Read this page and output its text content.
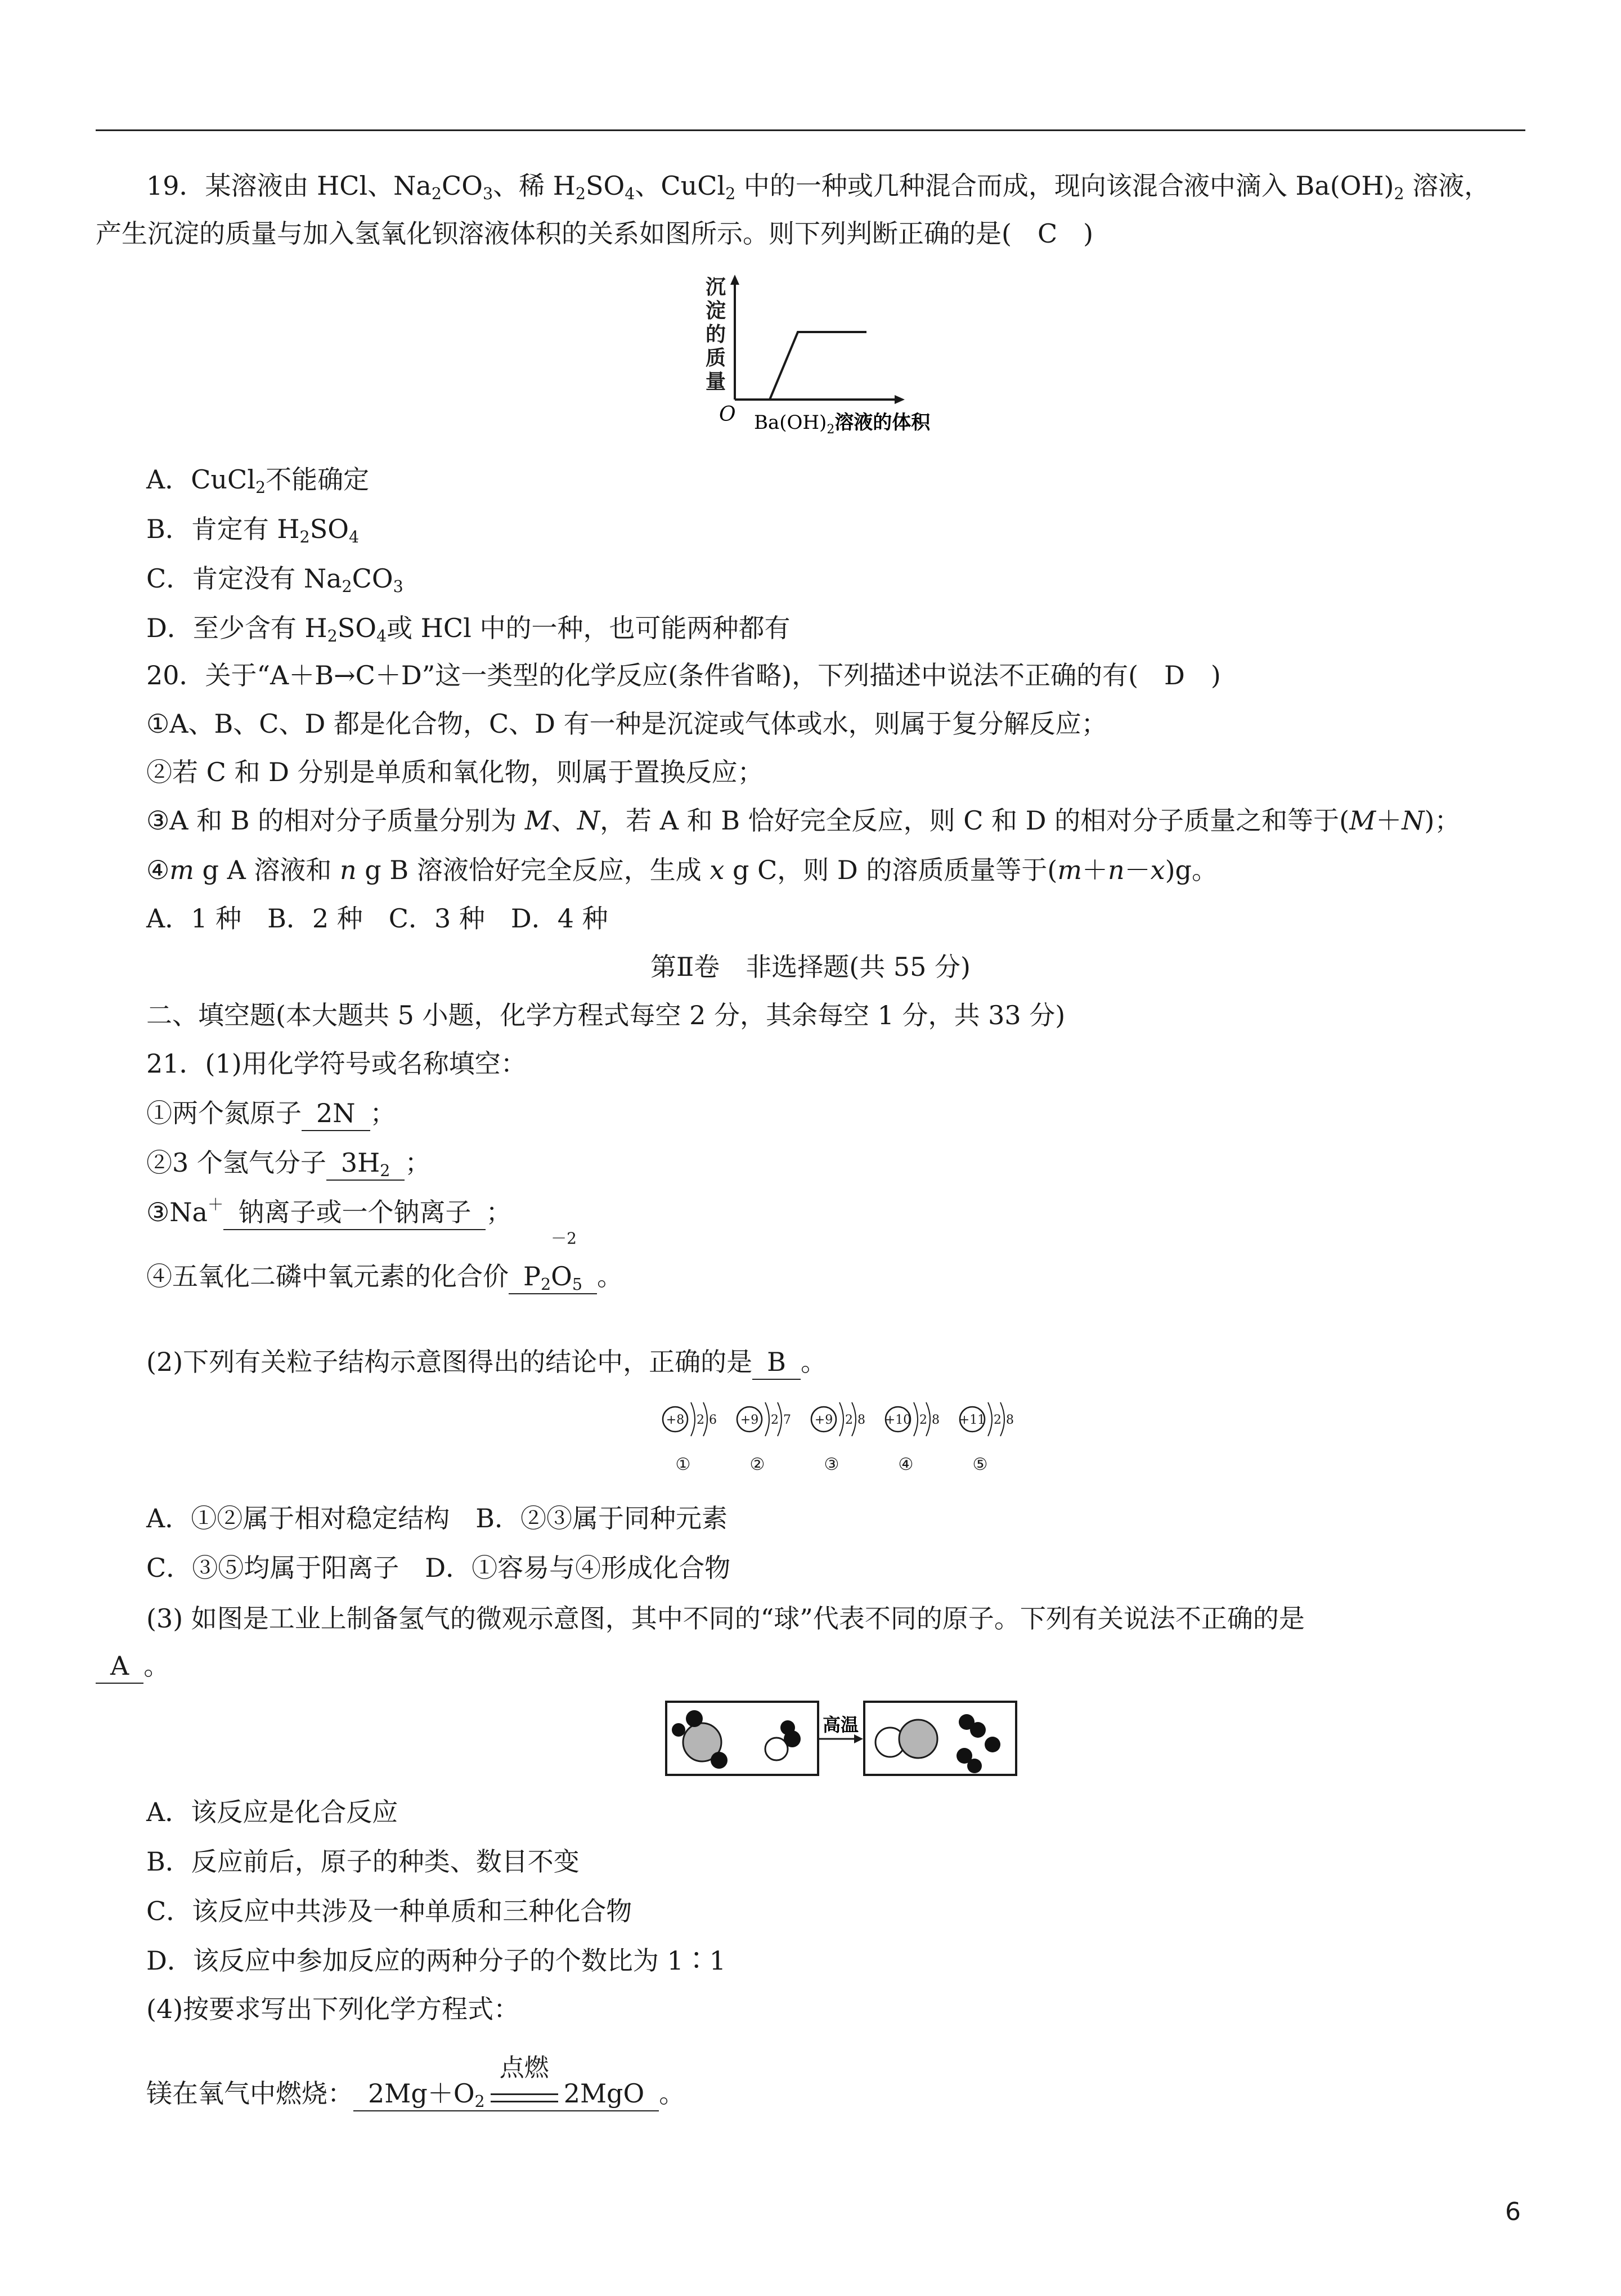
19．某溶液由 HCl、$Na_2CO_3$、稀 $H_2SO_4$、CuCl$_2$ 中的一种或几种混合而成，现向该混合液中滴入 $Ba(OH)_2$ 溶液，

产生沉淀的质量与加入氢氧化钡溶液体积的关系如图所示。则下列判断正确的是(　C　)

沉
淀
的
质
量
O $Ba(OH)_2$溶液的体积

A．CuCl$_2$不能确定

B．肯定有 $H_2SO_4$

C．肯定没有 $Na_2CO_3$

D．至少含有 $H_2SO_4$或 HCl 中的一种，也可能两种都有

20．关于“A＋B→C＋D”这一类型的化学反应(条件省略)，下列描述中说法不正确的有(　D　)

①A、B、C、D 都是化合物，C、D 有一种是沉淀或气体或水，则属于复分解反应；

②若 C 和 D 分别是单质和氧化物，则属于置换反应；

③A 和 B 的相对分子质量分别为 M、N，若 A 和 B 恰好完全反应，则 C 和 D 的相对分子质量之和等于(M＋N)；

④m g A 溶液和 n g B 溶液恰好完全反应，生成 x g C，则 D 的溶质质量等于(m＋n－x)g。

A．1 种　B．2 种　C．3 种　D．4 种

第Ⅱ卷　非选择题(共 55 分)

二、填空题(本大题共 5 小题，化学方程式每空 2 分，其余每空 1 分，共 33 分)

21．(1)用化学符号或名称填空：

①两个氮原子 2N ；

②3 个氢气分子 $3H_2$ ；

③Na＋ 钠离子或一个钠离子 ；

④五氧化二磷中氧元素的化合价 $P_2$
－2
$O_5$ 。

(2)下列有关粒子结构示意图得出的结论中，正确的是 B 。

+8 2 6
①
+9 2 7
②
+9 2 8
③
+10 2 8
④
+11 2 8
⑤

A．①②属于相对稳定结构　B．②③属于同种元素

C．③⑤均属于阳离子　D．①容易与④形成化合物

(3) 如图是工业上制备氢气的微观示意图，其中不同的“球”代表不同的原子。下列有关说法不正确的是

A 。

高温

A．该反应是化合反应

B．反应前后，原子的种类、数目不变

C．该反应中共涉及一种单质和三种化合物

D．该反应中参加反应的两种分子的个数比为 1∶1

(4)按要求写出下列化学方程式：

镁在氧气中燃烧： $2Mg+O_2$
点燃
2MgO 。

6
